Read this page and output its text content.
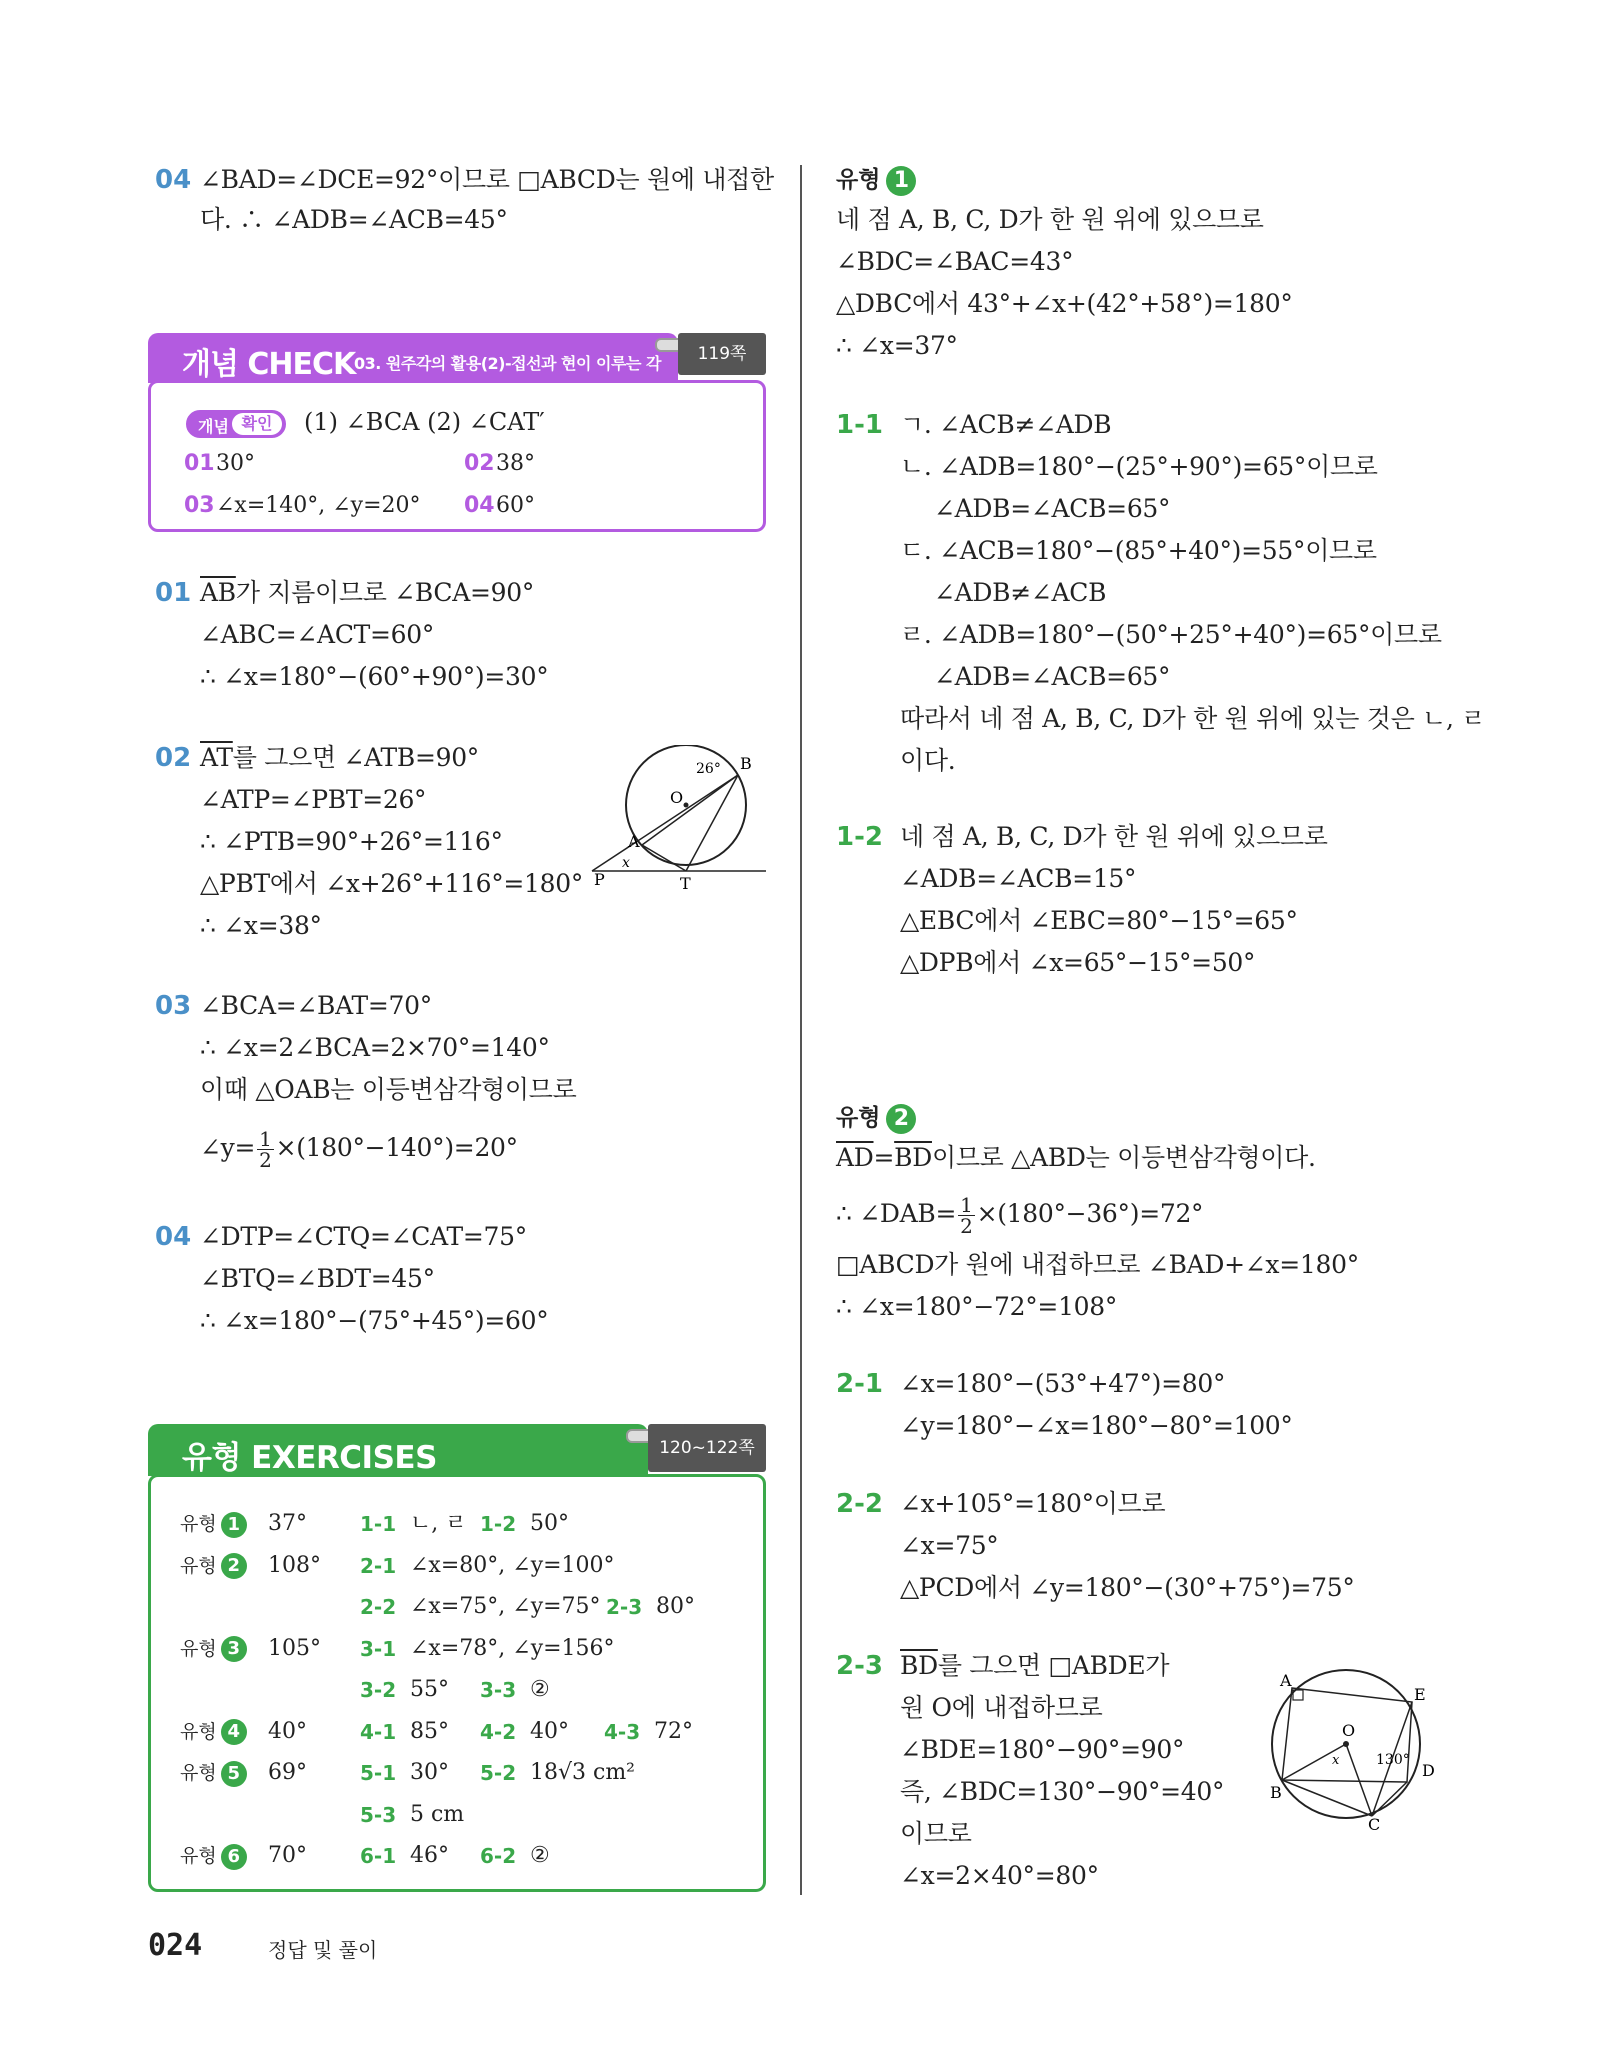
04 ∠BAD=∠DCE=92°이므로 □ABCD는 원에 내접한
다. ∴ ∠ADB=∠ACB=45°
개념 CHECK
03. 원주각의 활용(2)-접선과 현이 이루는 각	119쪽
개념 확인	(1) ∠BCA (2) ∠CAT′
01 30°	02 38°
03 ∠x=140°, ∠y=20° 04 60°
01 $\overline{AB}$가 지름이므로 ∠BCA=90°
∠ABC=∠ACT=60°
∴ ∠x=180°−(60°+90°)=30°
02 $\overline{AT}$를 그으면 ∠ATB=90°
∠ATP=∠PBT=26°
∴ ∠PTB=90°+26°=116°
△PBT에서 ∠x+26°+116°=180°
∴ ∠x=38°
P
A
B
O
T
x
26°
03 ∠BCA=∠BAT=70°
∴ ∠x=2∠BCA=2×70°=140°
이때 △OAB는 이등변삼각형이므로
∠y= $\frac{1}{2} \times(180^\circ-140^\circ)=20^\circ$
04 ∠DTP=∠CTQ=∠CAT=75°
∠BTQ=∠BDT=45°
∴ ∠x=180°−(75°+45°)=60°
유형 EXERCISES	120~122쪽
유형 1	37°	1-1 ㄴ, ㄹ 1-2 50°
유형 2	108° 2-1 ∠x=80°, ∠y=100°
2-2 ∠x=75°, ∠y=75° 2-3 80°
유형 3	105° 3-1 ∠x=78°, ∠y=156°
3-2 55° 3-3 ②
유형 4	40°	4-1 85° 4-2 40° 4-3 72°
유형 5	69°	5-1 30° 5-2 18√3 cm²
5-3 5 cm
유형 6	70°	6-1 46° 6-2 ②
유형 1
네 점 A, B, C, D가 한 원 위에 있으므로
∠BDC=∠BAC=43°
△DBC에서 43°+∠x+(42°+58°)=180°
∴ ∠x=37°
1-1 ㄱ. ∠ACB≠∠ADB
ㄴ. ∠ADB=180°−(25°+90°)=65°이므로
∠ADB=∠ACB=65°
ㄷ. ∠ACB=180°−(85°+40°)=55°이므로
∠ADB≠∠ACB
ㄹ. ∠ADB=180°−(50°+25°+40°)=65°이므로
∠ADB=∠ACB=65°
따라서 네 점 A, B, C, D가 한 원 위에 있는 것은 ㄴ, ㄹ
이다.
1-2 네 점 A, B, C, D가 한 원 위에 있으므로
∠ADB=∠ACB=15°
△EBC에서 ∠EBC=80°−15°=65°
△DPB에서 ∠x=65°−15°=50°
유형 2
$\overline{AD}=\overline{BD}$이므로 △ABD는 이등변삼각형이다.
∴ ∠DAB= $\frac{1}{2} \times(180^\circ-36^\circ)=72^\circ$
□ABCD가 원에 내접하므로 ∠BAD+∠x=180°
∴ ∠x=180°−72°=108°
2-1 ∠x=180°−(53°+47°)=80°
∠y=180°−∠x=180°−80°=100°
2-2 ∠x+105°=180°이므로
∠x=75°
△PCD에서 ∠y=180°−(30°+75°)=75°
2-3 $\overline{BD}$를 그으면 □ABDE가
원 O에 내접하므로
∠BDE=180°−90°=90°
즉, ∠BDC=130°−90°=40°
이므로
∠x=2×40°=80°
A
E
D
B
C
O
x	130°
024	정답 및 풀이
